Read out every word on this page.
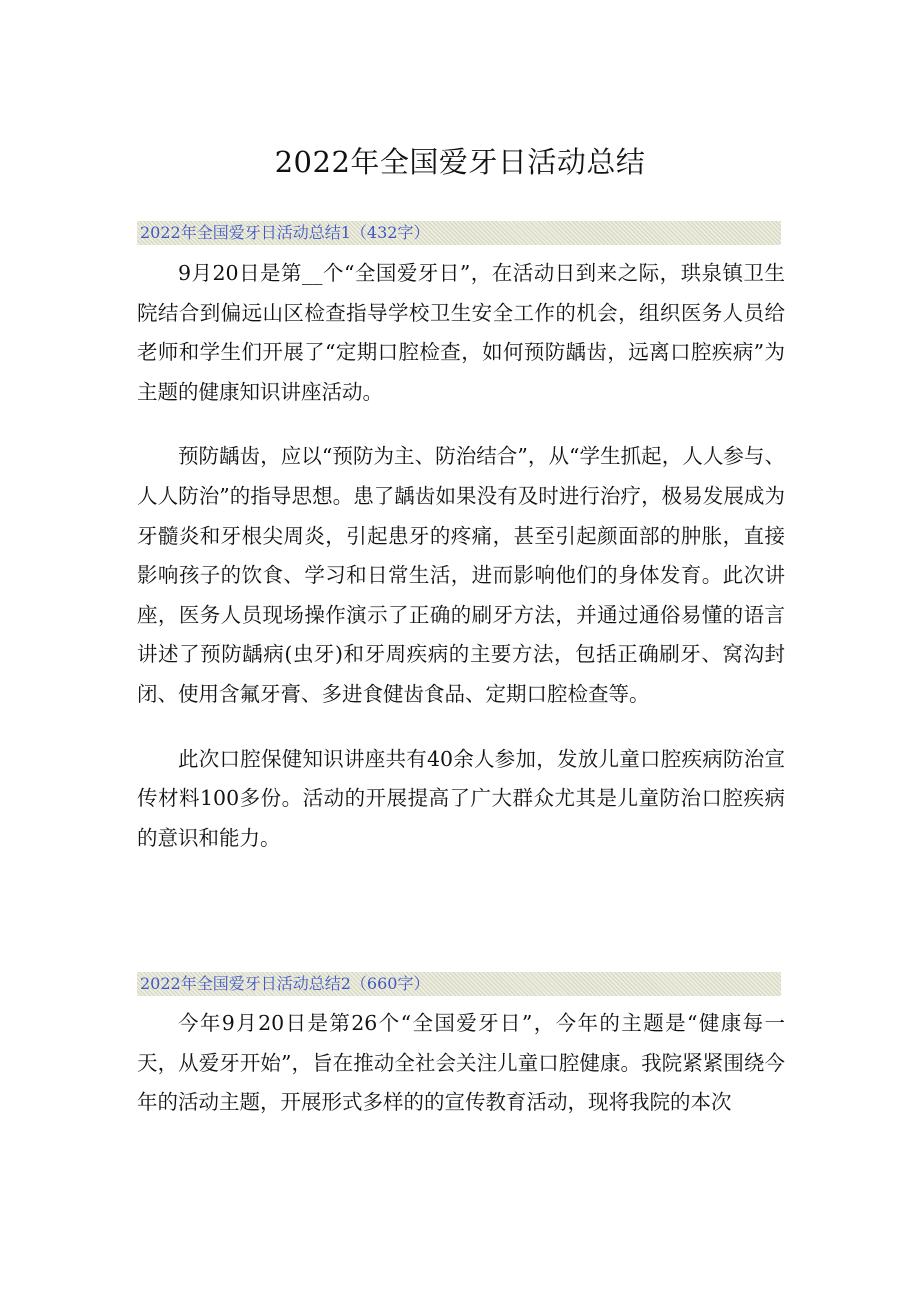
2022年全国爱牙日活动总结
2022年全国爱牙日活动总结1（432字）

9月20日是第__个“全国爱牙日”，在活动日到来之际，珙泉镇卫生院结合到偏远山区检查指导学校卫生安全工作的机会，组织医务人员给老师和学生们开展了“定期口腔检查，如何预防龋齿，远离口腔疾病”为主题的健康知识讲座活动。

预防龋齿，应以“预防为主、防治结合”，从“学生抓起，人人参与、人人防治”的指导思想。患了龋齿如果没有及时进行治疗，极易发展成为牙髓炎和牙根尖周炎，引起患牙的疼痛，甚至引起颜面部的肿胀，直接影响孩子的饮食、学习和日常生活，进而影响他们的身体发育。此次讲座，医务人员现场操作演示了正确的刷牙方法，并通过通俗易懂的语言讲述了预防龋病(虫牙)和牙周疾病的主要方法，包括正确刷牙、窝沟封闭、使用含氟牙膏、多进食健齿食品、定期口腔检查等。

此次口腔保健知识讲座共有40余人参加，发放儿童口腔疾病防治宣传材料100多份。活动的开展提高了广大群众尤其是儿童防治口腔疾病的意识和能力。

2022年全国爱牙日活动总结2（660字）

今年9月20日是第26个“全国爱牙日”，今年的主题是“健康每一天，从爱牙开始”，旨在推动全社会关注儿童口腔健康。我院紧紧围绕今年的活动主题，开展形式多样的的宣传教育活动，现将我院的本次
